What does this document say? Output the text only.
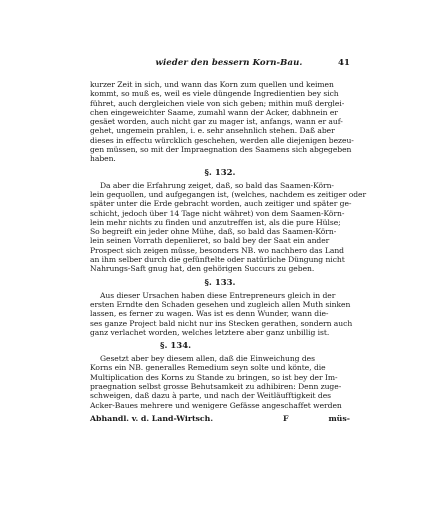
wieder den bessern Korn-Bau.	41
kurzer Zeit in sich, und wann das Korn zum quellen und keimen
kommt, so muß es, weil es viele düngende Ingredientien bey sich
führet, auch dergleichen viele von sich geben; mithin muß derglei-
chen eingeweichter Saame, zumahl wann der Acker, dabhnein er
gesäet worden, auch nicht gar zu mager ist, anfangs, wann er auf-
gehet, ungemein prahlen, i. e. sehr ansehnlich stehen. Daß aber
dieses in effectu würcklich geschehen, werden alle diejenigen bezeu-
gen müssen, so mit der Impraegnation des Saamens sich abgegeben
haben.
§. 132.
Da aber die Erfahrung zeiget, daß, so bald das Saamen-Körn-
lein gequollen, und aufgegangen ist, (welches, nachdem es zeitiger oder
später unter die Erde gebracht worden, auch zeitiger und später ge-
schicht, jedoch über 14 Tage nicht währet) von dem Saamen-Körn-
lein mehr nichts zu finden und anzutreffen ist, als die pure Hülse;
So begreift ein jeder ohne Mühe, daß, so bald das Saamen-Körn-
lein seinen Vorrath depenlieret, so bald bey der Saat ein ander
Prospect sich zeigen müsse, besonders NB. wo nachhero das Land
an ihm selber durch die gefünftelte oder natürliche Düngung nicht
Nahrungs-Saft gnug hat, den gehörigen Succurs zu geben.
§. 133.
Aus dieser Ursachen haben diese Entrepreneurs gleich in der
ersten Erndte den Schaden gesehen und zugleich allen Muth sinken
lassen, es ferner zu wagen. Was ist es denn Wunder, wann die-
ses ganze Project bald nicht nur ins Stecken gerathen, sondern auch
ganz verlachet worden, welches letztere aber ganz unbillig ist.
§. 134.
Gesetzt aber bey diesem allen, daß die Einweichung des
Korns ein NB. generalles Remedium seyn solte und könte, die
Multiplication des Korns zu Stande zu bringen, so ist bey der Im-
praegnation selbst grosse Behutsamkeit zu adhibiren: Denn zuge-
schweigen, daß dazu à parte, und nach der Weitläufftigkeit des
Acker-Baues mehrere und wenigere Gefässe angeschaffet werden
Abhandl. v. d. Land-Wirtsch.	F	müs-
